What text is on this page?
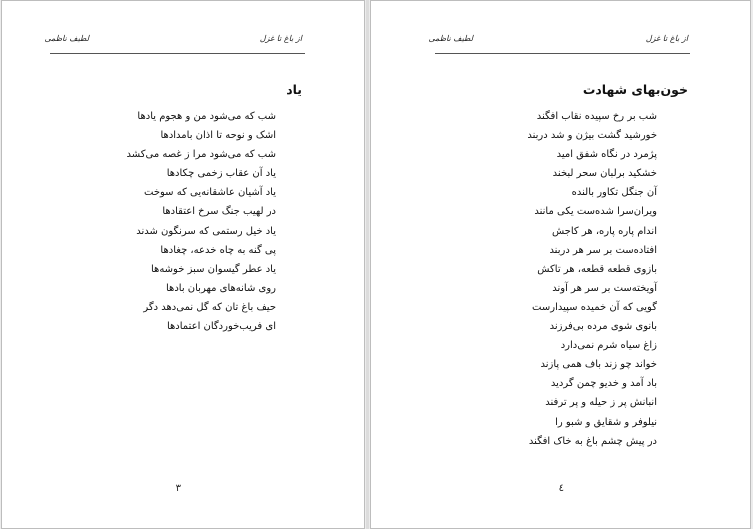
از باغ تا غزل
لطیف ناظمی
یاد
شب که می‌شود من و هجوم یادها
اشک و نوحه تا اذان بامدادها
شب که می‌شود مرا ز غصه می‌کشد
یاد آن عقاب زخمی چکادها
یاد آشیان عاشقانه‌یی که سوخت
در لهیب جنگ سرخ اعتقادها
یاد خیل رستمی که سرنگون شدند
پی گنه به چاه خدعه، چغادها
یاد عطر گیسوان سبز خوشه‌ها
روی شانه‌های مهربان بادها
حیف باغ تان که گل نمی‌دهد دگر
ای فریب‌خوردگان اعتمادها
۳
از باغ تا غزل
لطیف ناظمی
خون‌بهای شهادت
شب بر رخ سپیده نقاب افگند
خورشید گشت بیژن و شد دربند
پژمرد در نگاه شفق امید
خشکید برلبان سحر لبخند
آن جنگل تکاور بالنده
ویران‌سرا شده‌ست یکی مانند
اندام پاره پاره، هر کاجش
افتاده‌ست بر سر هر دربند
بازوی قطعه قطعه، هر تاکش
آویخته‌ست بر سر هر آوند
گویی که آن خمیده سپیدارست
بانوی شوی مرده بی‌فرزند
زاغ سیاه شرم نمی‌دارد
خواند چو زند باف همی پازند
باد آمد و خدیو چمن گردید
انبانش پر ز حیله و پر ترفند
نیلوفر و شقایق و شبو را
در پیش چشم باغ به خاک افگند
٤
